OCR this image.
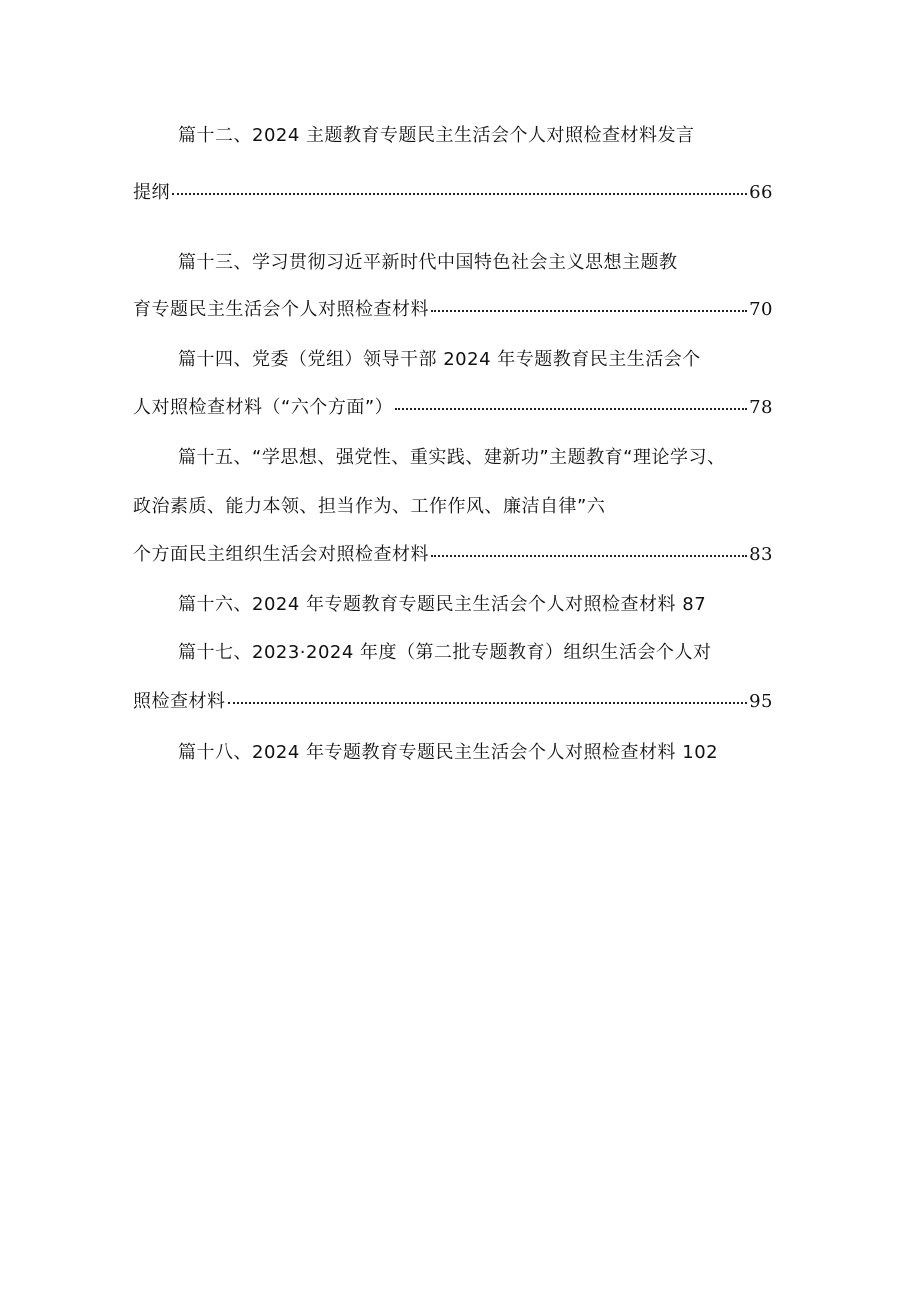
篇十二、2024 主题教育专题民主生活会个人对照检查材料发言
提纲	66
篇十三、学习贯彻习近平新时代中国特色社会主义思想主题教
育专题民主生活会个人对照检查材料	70
篇十四、党委（党组）领导干部 2024 年专题教育民主生活会个
人对照检查材料（“六个方面”）	78
篇十五、“学思想、强党性、重实践、建新功”主题教育“理论学习、
政治素质、能力本领、担当作为、工作作风、廉洁自律”六
个方面民主组织生活会对照检查材料	83
篇十六、2024 年专题教育专题民主生活会个人对照检查材料 87
篇十七、2023·2024 年度（第二批专题教育）组织生活会个人对
照检查材料	95
篇十八、2024 年专题教育专题民主生活会个人对照检查材料 102
